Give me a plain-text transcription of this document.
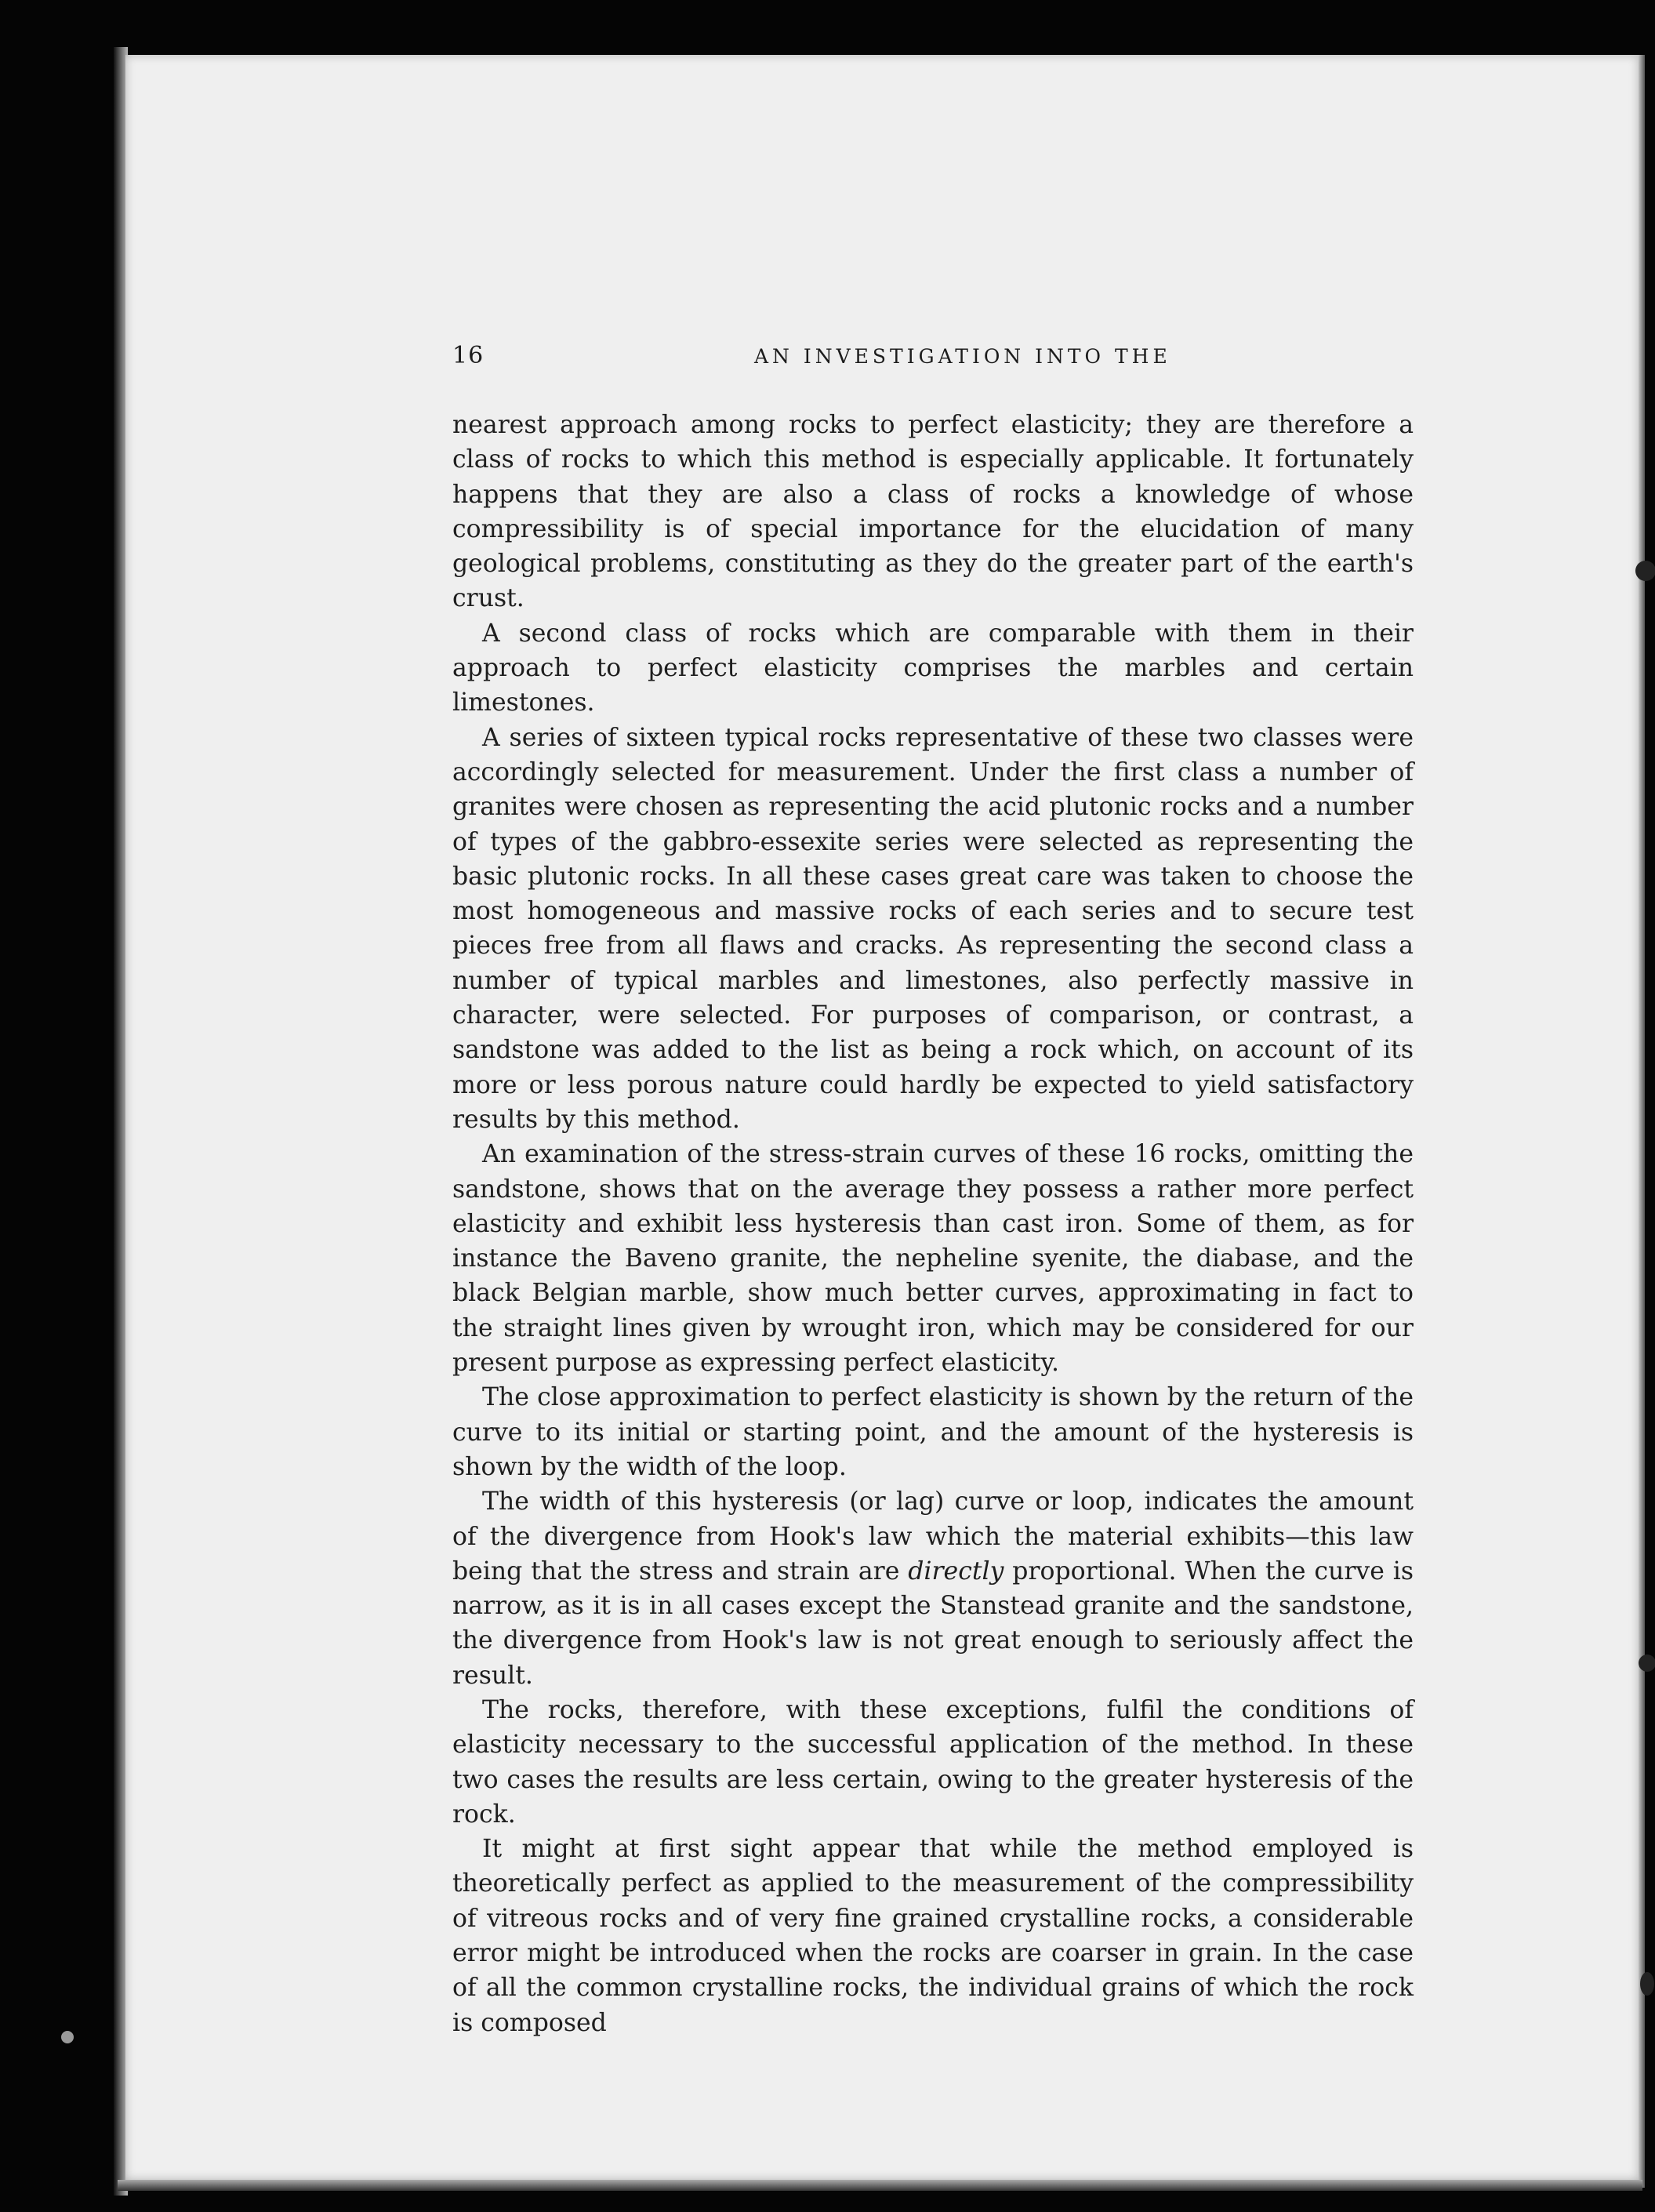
16	AN INVESTIGATION INTO THE

nearest approach among rocks to perfect elasticity; they are therefore a class of rocks to which this method is especially applicable. It fortunately happens that they are also a class of rocks a knowledge of whose compressibility is of special importance for the elucidation of many geological problems, constituting as they do the greater part of the earth's crust.

A second class of rocks which are comparable with them in their approach to perfect elasticity comprises the marbles and certain limestones.

A series of sixteen typical rocks representative of these two classes were accordingly selected for measurement. Under the first class a number of granites were chosen as representing the acid plutonic rocks and a number of types of the gabbro-essexite series were selected as representing the basic plutonic rocks. In all these cases great care was taken to choose the most homogeneous and massive rocks of each series and to secure test pieces free from all flaws and cracks. As representing the second class a number of typical marbles and limestones, also perfectly massive in character, were selected. For purposes of comparison, or contrast, a sandstone was added to the list as being a rock which, on account of its more or less porous nature could hardly be expected to yield satisfactory results by this method.

An examination of the stress-strain curves of these 16 rocks, omitting the sandstone, shows that on the average they possess a rather more perfect elasticity and exhibit less hysteresis than cast iron. Some of them, as for instance the Baveno granite, the nepheline syenite, the diabase, and the black Belgian marble, show much better curves, approximating in fact to the straight lines given by wrought iron, which may be considered for our present purpose as expressing perfect elasticity.

The close approximation to perfect elasticity is shown by the return of the curve to its initial or starting point, and the amount of the hysteresis is shown by the width of the loop.

The width of this hysteresis (or lag) curve or loop, indicates the amount of the divergence from Hook's law which the material exhibits—this law being that the stress and strain are directly proportional. When the curve is narrow, as it is in all cases except the Stanstead granite and the sandstone, the divergence from Hook's law is not great enough to seriously affect the result.

The rocks, therefore, with these exceptions, fulfil the conditions of elasticity necessary to the successful application of the method. In these two cases the results are less certain, owing to the greater hysteresis of the rock.

It might at first sight appear that while the method employed is theoretically perfect as applied to the measurement of the compressibility of vitreous rocks and of very fine grained crystalline rocks, a considerable error might be introduced when the rocks are coarser in grain. In the case of all the common crystalline rocks, the individual grains of which the rock is composed
